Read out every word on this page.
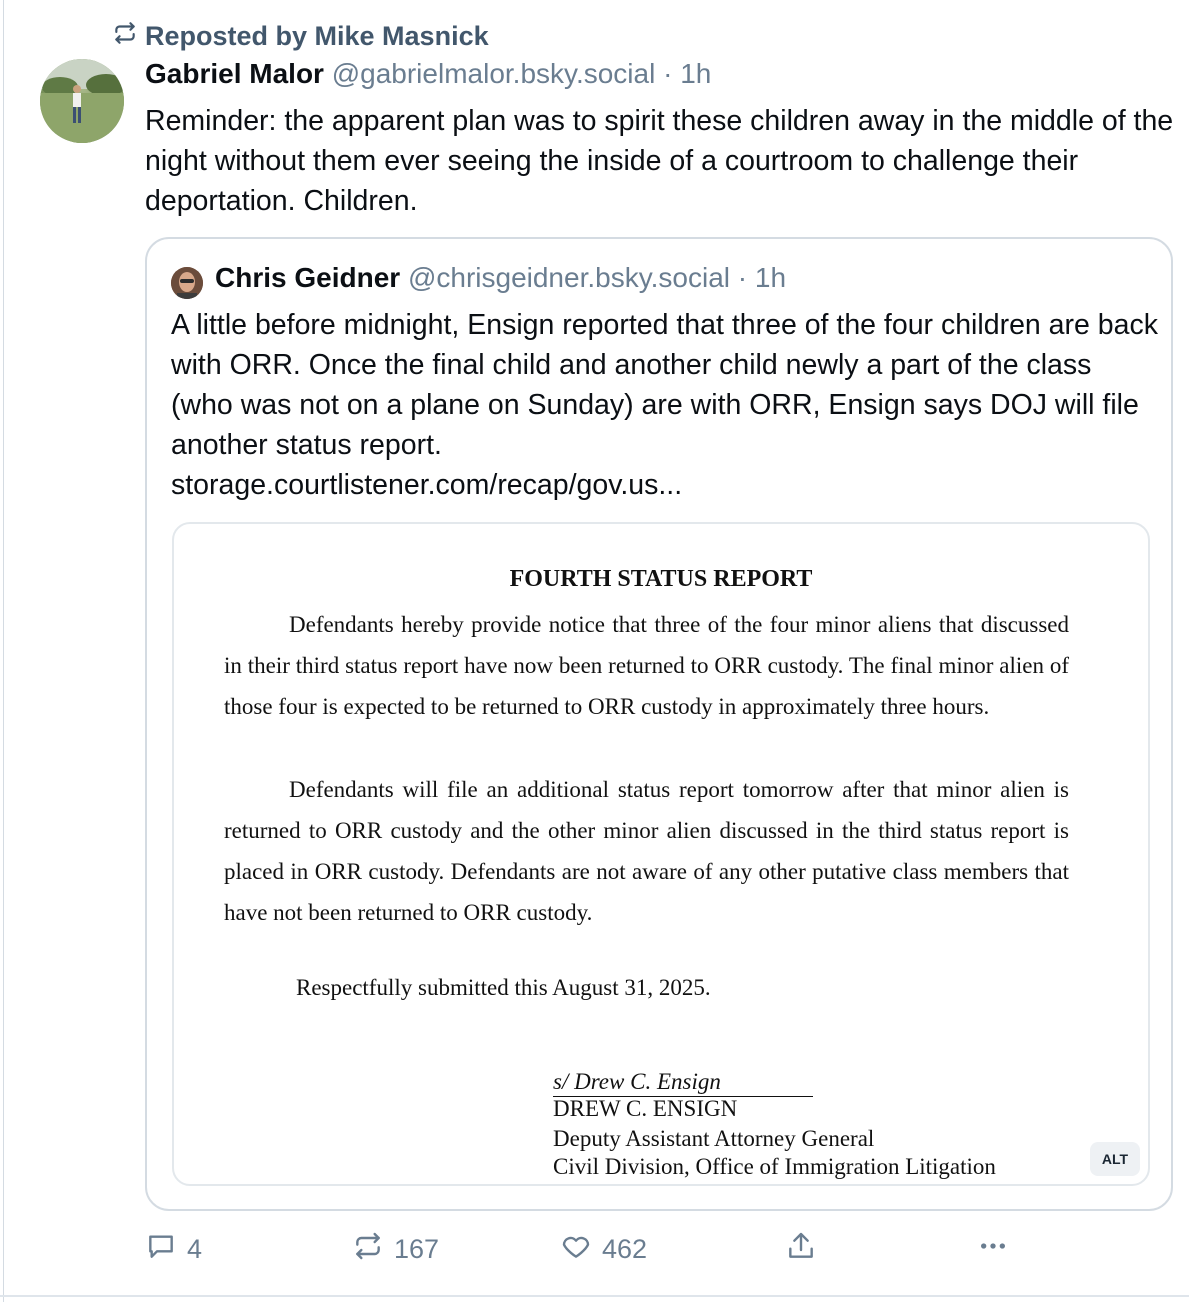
Reposted by Mike Masnick
Gabriel Malor @gabrielmalor.bsky.social · 1h
Reminder: the apparent plan was to spirit these children away in the middle of the night without them ever seeing the inside of a courtroom to challenge their deportation. Children.
Chris Geidner @chrisgeidner.bsky.social · 1h
A little before midnight, Ensign reported that three of the four children are back with ORR. Once the final child and another child newly a part of the class (who was not on a plane on Sunday) are with ORR, Ensign says DOJ will file another status report.
storage.courtlistener.com/recap/gov.us...
FOURTH STATUS REPORT
Defendants hereby provide notice that three of the four minor aliens that discussed in their third status report have now been returned to ORR custody. The final minor alien of those four is expected to be returned to ORR custody in approximately three hours.
Defendants will file an additional status report tomorrow after that minor alien is returned to ORR custody and the other minor alien discussed in the third status report is placed in ORR custody. Defendants are not aware of any other putative class members that have not been returned to ORR custody.
Respectfully submitted this August 31, 2025.
s/ Drew C. Ensign
DREW C. ENSIGN
Deputy Assistant Attorney General
Civil Division, Office of Immigration Litigation	ALT
4	167	462
